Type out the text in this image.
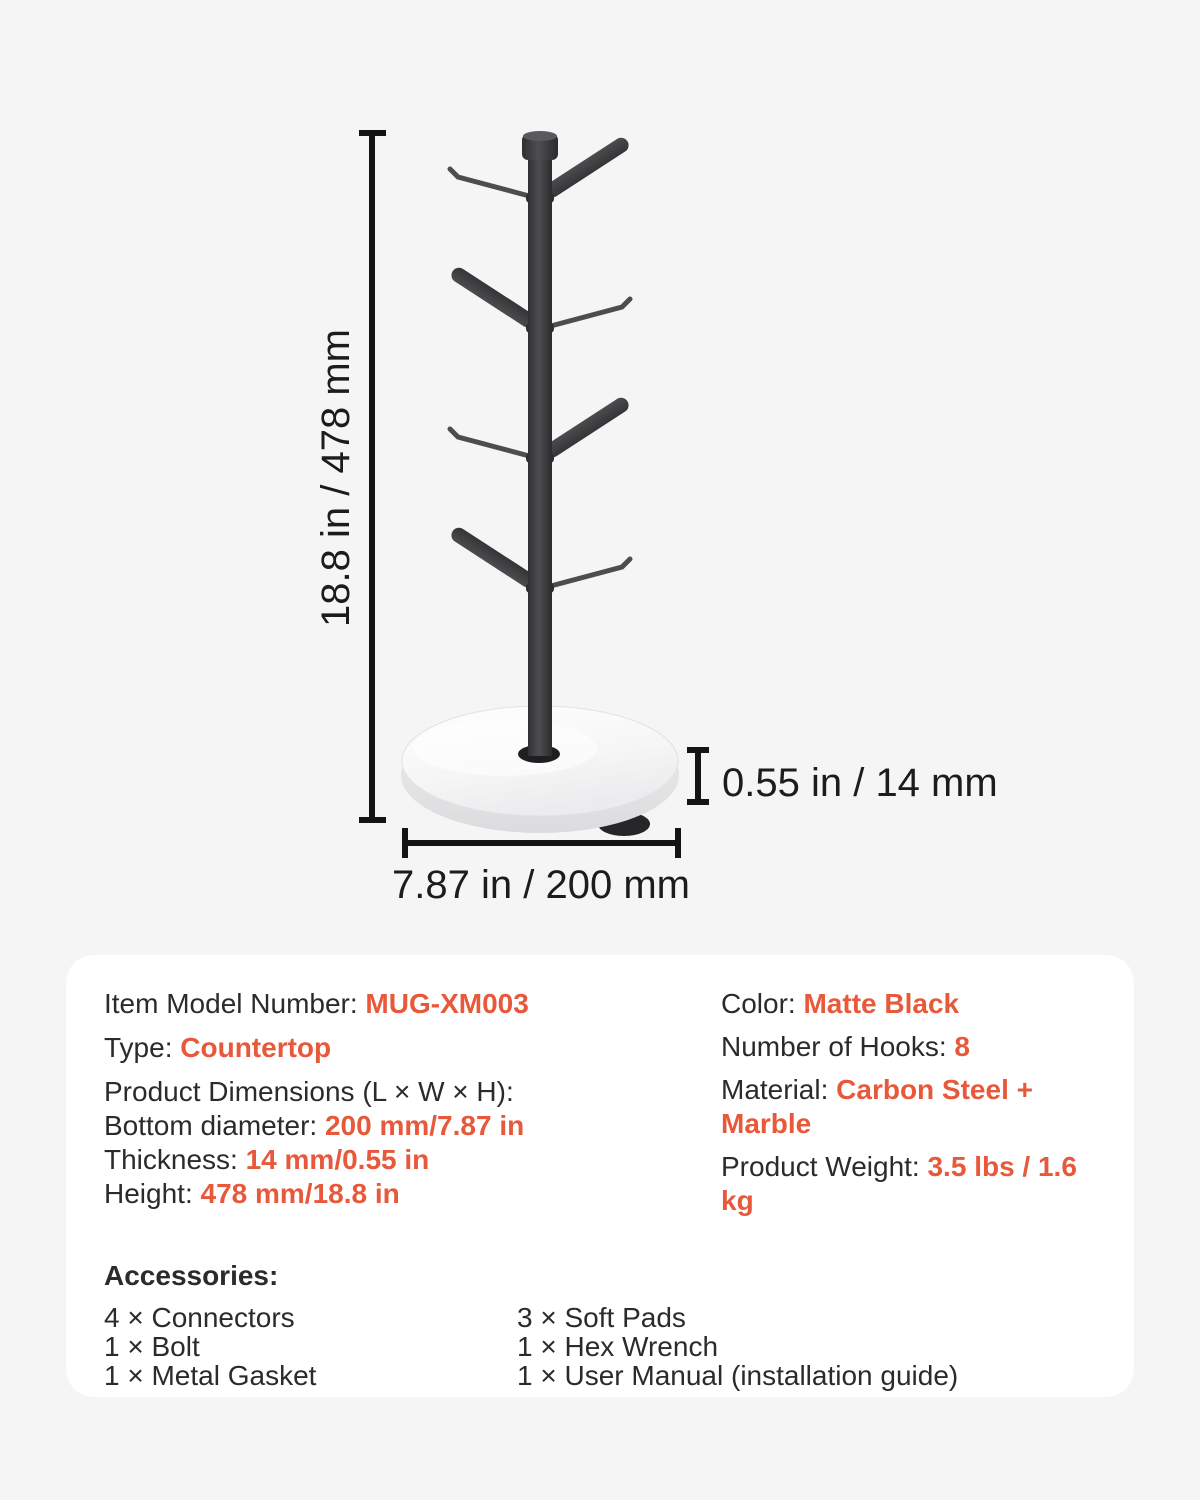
18.8 in / 478 mm
0.55 in / 14 mm
7.87 in / 200 mm

Item Model Number: MUG-XM003

Type: Countertop

Product Dimensions (L × W × H):

Bottom diameter: 200 mm/7.87 in

Thickness: 14 mm/0.55 in

Height: 478 mm/18.8 in

Color: Matte Black

Number of Hooks: 8

Material: Carbon Steel + Marble

Product Weight: 3.5 lbs / 1.6 kg

Accessories:

4 × Connectors

1 × Bolt

1 × Metal Gasket

3 × Soft Pads

1 × Hex Wrench

1 × User Manual (installation guide)
